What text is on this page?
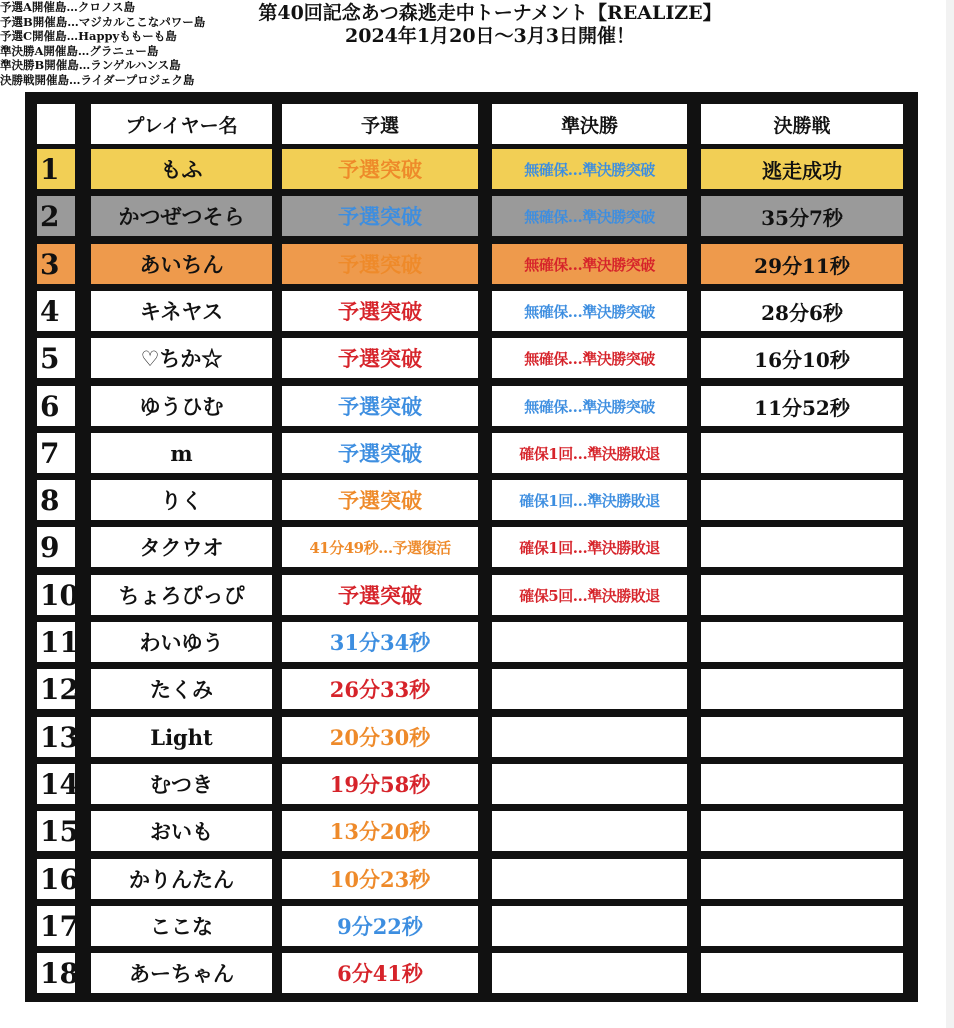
予選A開催島…クロノス島
予選B開催島…マジカルここなパワー島
予選C開催島…Happyももーも島
準決勝A開催島…グラニュー島
準決勝B開催島…ランゲルハンス島
決勝戦開催島…ライダープロジェク島
第40回記念あつ森逃走中トーナメント【REALIZE】
2024年1月20日～3月3日開催！
プレイヤー名	予選	準決勝	決勝戦
1	もふ	予選突破	無確保…準決勝突破	逃走成功
2	かつぜつそら	予選突破	無確保…準決勝突破	35分7秒
3	あいちん	予選突破	無確保…準決勝突破	29分11秒
4	キネヤス	予選突破	無確保…準決勝突破	28分6秒
5	♡ちか☆	予選突破	無確保…準決勝突破	16分10秒
6	ゆうひむ	予選突破	無確保…準決勝突破	11分52秒
7	m	予選突破	確保1回…準決勝敗退
8	りく	予選突破	確保1回…準決勝敗退
9	タクウオ	41分49秒…予選復活	確保1回…準決勝敗退
10	ちょろぴっぴ	予選突破	確保5回…準決勝敗退
11	わいゆう	31分34秒
12	たくみ	26分33秒
13	Light	20分30秒
14	むつき	19分58秒
15	おいも	13分20秒
16	かりんたん	10分23秒
17	ここな	9分22秒
18	あーちゃん	6分41秒
